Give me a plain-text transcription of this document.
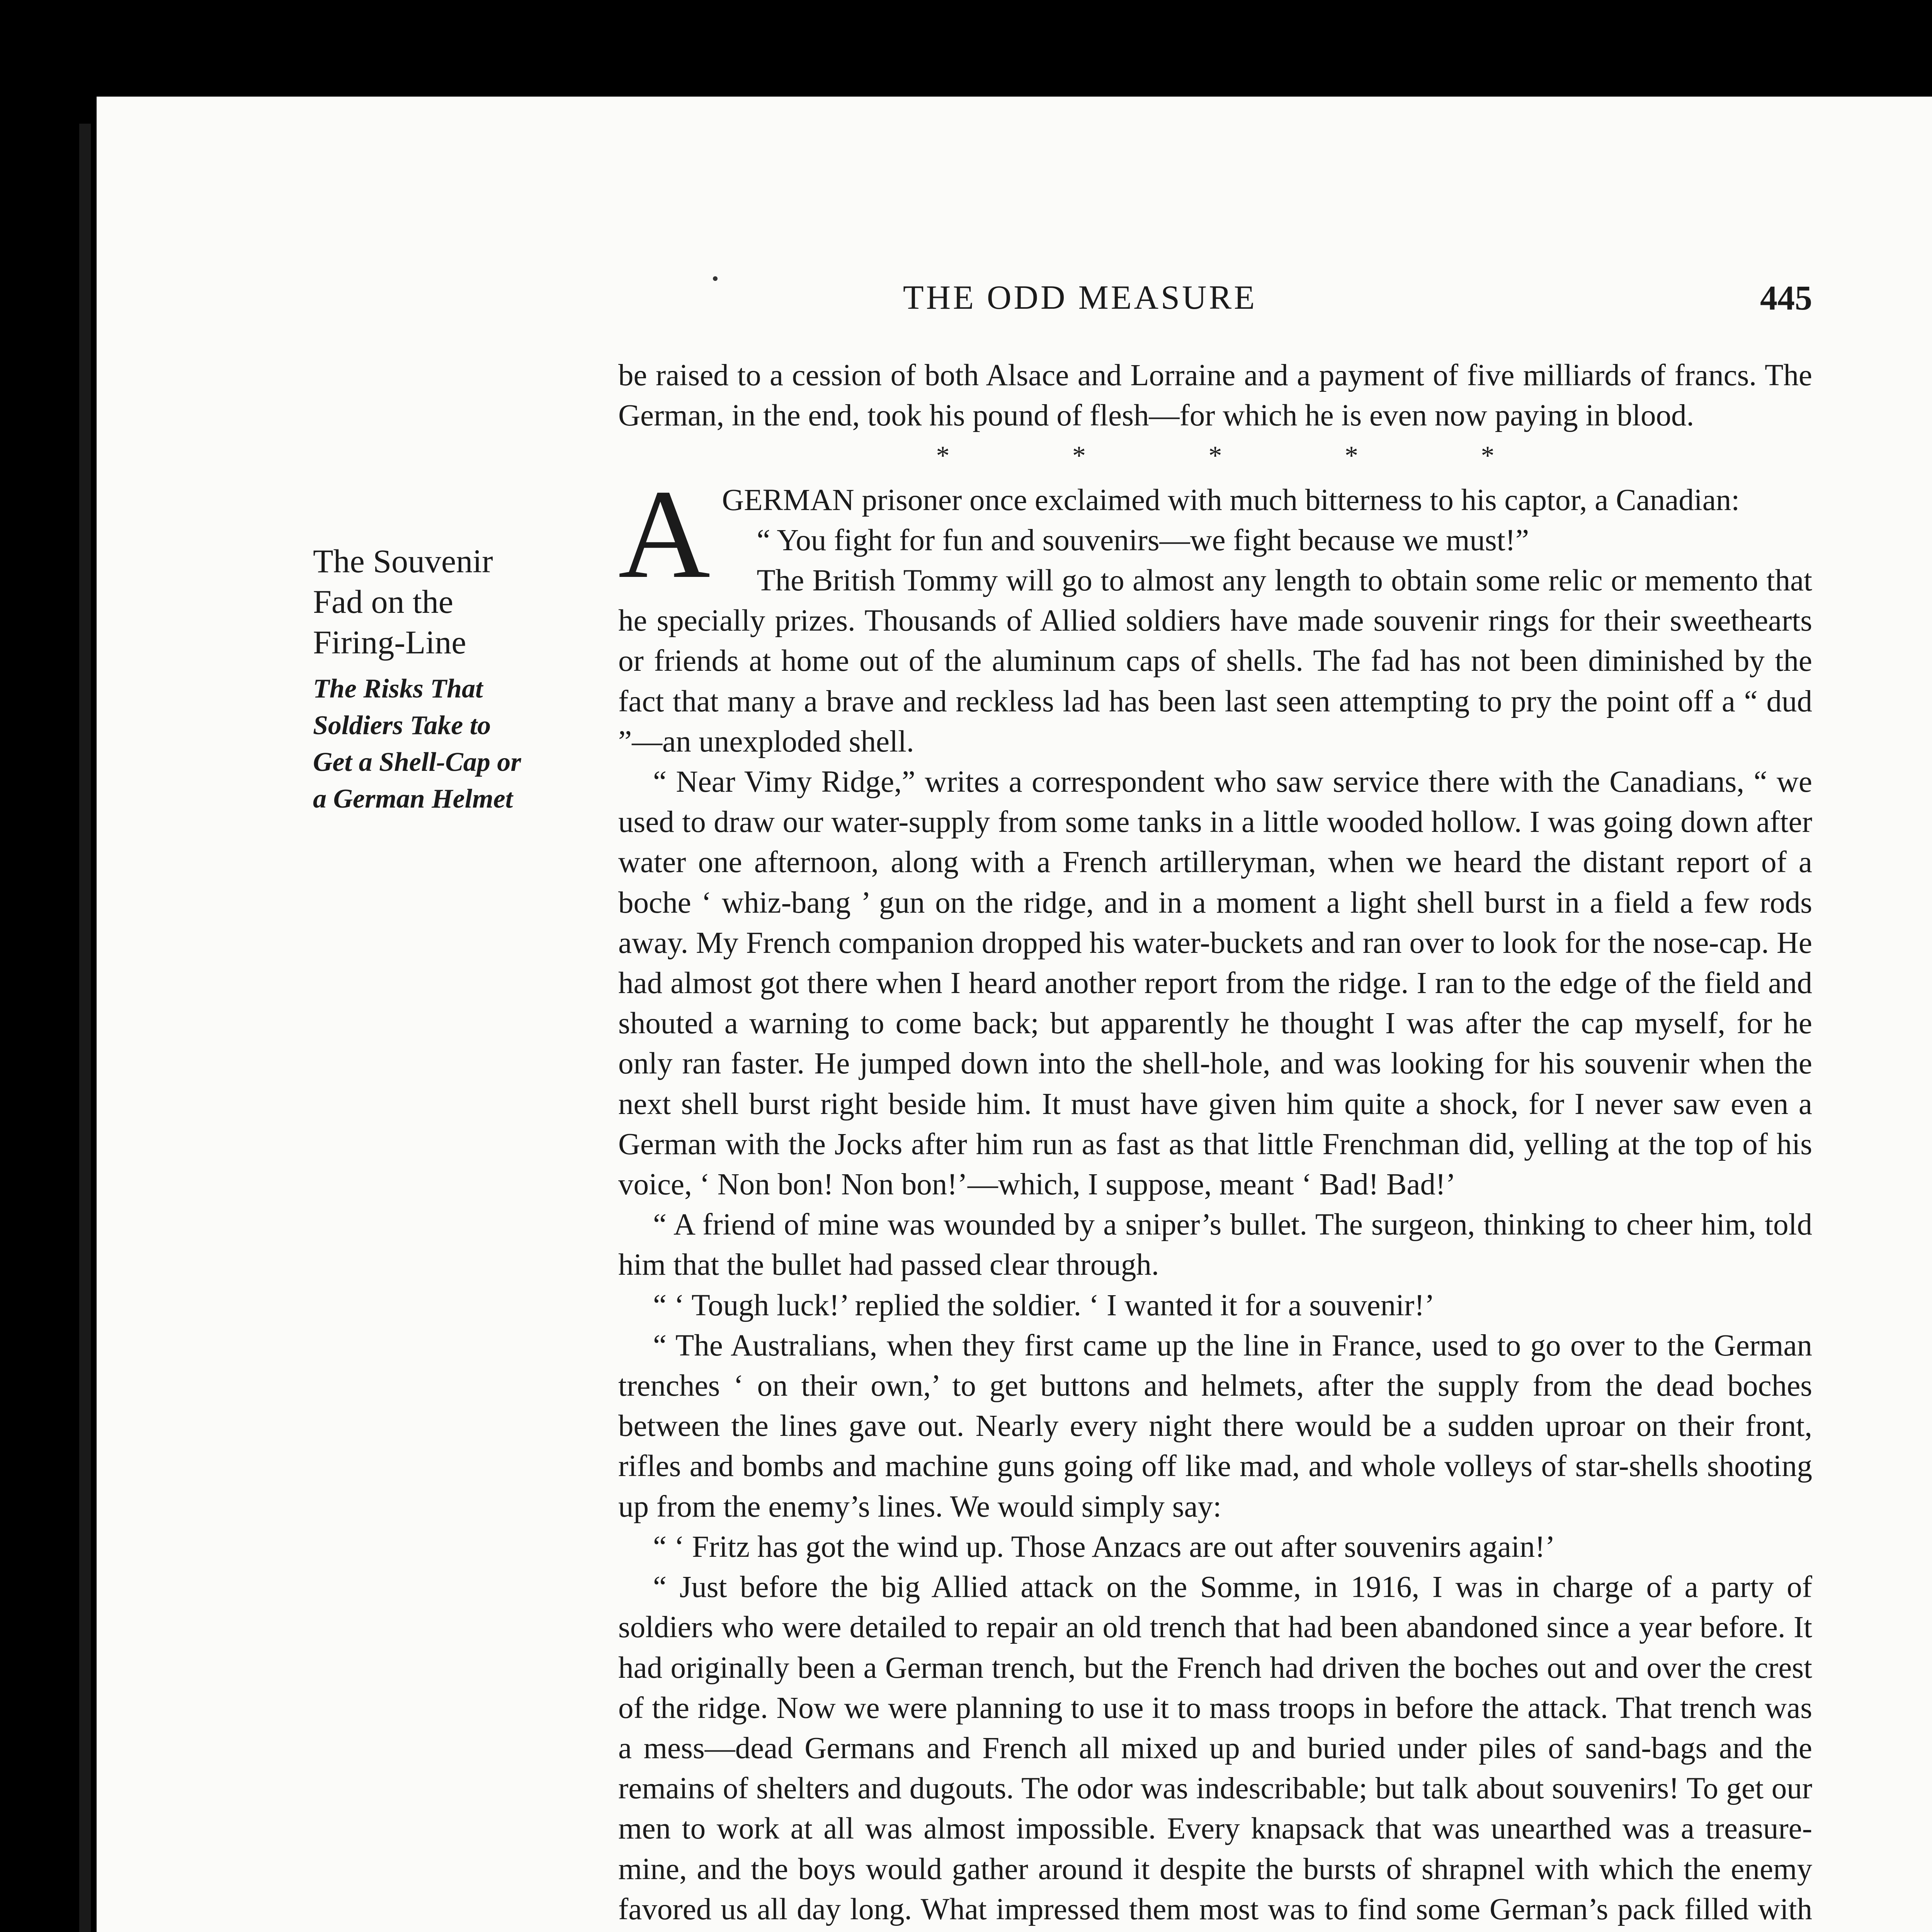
THE ODD MEASURE	445
The Souvenir
Fad on the
Firing-Line
The Risks That
Soldiers Take to
Get a Shell-Cap or
a German Helmet

be raised to a cession of both Alsace and Lorraine and a payment of five milliards of francs. The German, in the end, took his pound of flesh—for which he is even now paying in blood.

* * * * *

AGERMAN prisoner once exclaimed with much bitterness to his captor, a Canadian:

“ You fight for fun and souvenirs—we fight because we must!”

The British Tommy will go to almost any length to obtain some relic or memento that he specially prizes. Thousands of Allied soldiers have made souvenir rings for their sweethearts or friends at home out of the aluminum caps of shells. The fad has not been diminished by the fact that many a brave and reckless lad has been last seen attempting to pry the point off a “ dud ”—an unexploded shell.

“ Near Vimy Ridge,” writes a correspondent who saw service there with the Canadians, “ we used to draw our water-supply from some tanks in a little wooded hollow. I was going down after water one afternoon, along with a French artilleryman, when we heard the distant report of a boche ‘ whiz-bang ’ gun on the ridge, and in a moment a light shell burst in a field a few rods away. My French companion dropped his water-buckets and ran over to look for the nose-cap. He had almost got there when I heard another report from the ridge. I ran to the edge of the field and shouted a warning to come back; but apparently he thought I was after the cap myself, for he only ran faster. He jumped down into the shell-hole, and was looking for his souvenir when the next shell burst right beside him. It must have given him quite a shock, for I never saw even a German with the Jocks after him run as fast as that little Frenchman did, yelling at the top of his voice, ‘ Non bon! Non bon!’—which, I suppose, meant ‘ Bad! Bad!’

“ A friend of mine was wounded by a sniper’s bullet. The surgeon, thinking to cheer him, told him that the bullet had passed clear through.

“ ‘ Tough luck!’ replied the soldier. ‘ I wanted it for a souvenir!’

“ The Australians, when they first came up the line in France, used to go over to the German trenches ‘ on their own,’ to get buttons and helmets, after the supply from the dead boches between the lines gave out. Nearly every night there would be a sudden uproar on their front, rifles and bombs and machine guns going off like mad, and whole volleys of star-shells shooting up from the enemy’s lines. We would simply say:

“ ‘ Fritz has got the wind up. Those Anzacs are out after souvenirs again!’

“ Just before the big Allied attack on the Somme, in 1916, I was in charge of a party of soldiers who were detailed to repair an old trench that had been abandoned since a year before. It had originally been a German trench, but the French had driven the boches out and over the crest of the ridge. Now we were planning to use it to mass troops in before the attack. That trench was a mess—dead Germans and French all mixed up and buried under piles of sand-bags and the remains of shelters and dugouts. The odor was indescribable; but talk about souvenirs! To get our men to work at all was almost impossible. Every knapsack that was unearthed was a treasure-mine, and the boys would gather around it despite the bursts of shrapnel with which the enemy favored us all day long. What impressed them most was to find some German’s pack filled with
